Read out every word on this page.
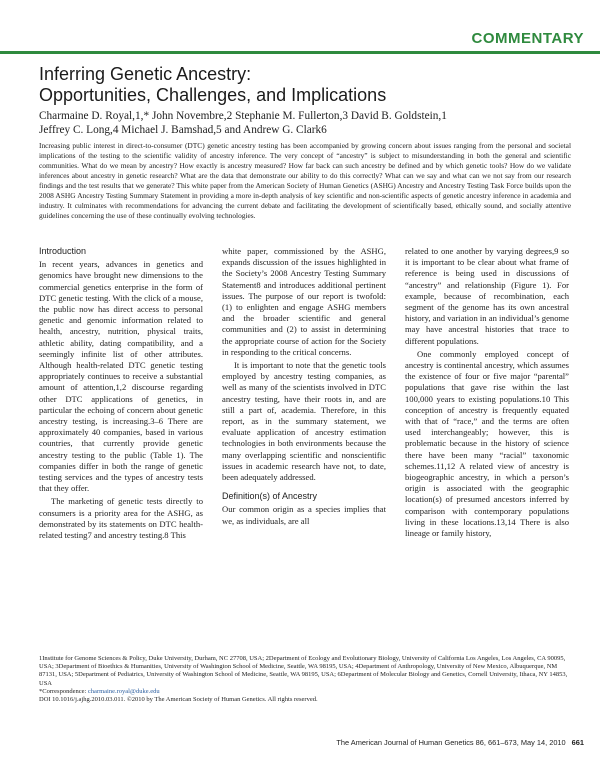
COMMENTARY
Inferring Genetic Ancestry:
Opportunities, Challenges, and Implications
Charmaine D. Royal,1,* John Novembre,2 Stephanie M. Fullerton,3 David B. Goldstein,1
Jeffrey C. Long,4 Michael J. Bamshad,5 and Andrew G. Clark6
Increasing public interest in direct-to-consumer (DTC) genetic ancestry testing has been accompanied by growing concern about issues ranging from the personal and societal implications of the testing to the scientific validity of ancestry inference. The very concept of “ancestry” is subject to misunderstanding in both the general and scientific communities. What do we mean by ancestry? How exactly is ancestry measured? How far back can such ancestry be defined and by which genetic tools? How do we validate inferences about ancestry in genetic research? What are the data that demonstrate our ability to do this correctly? What can we say and what can we not say from our research findings and the test results that we generate? This white paper from the American Society of Human Genetics (ASHG) Ancestry and Ancestry Testing Task Force builds upon the 2008 ASHG Ancestry Testing Summary Statement in providing a more in-depth analysis of key scientific and non-scientific aspects of genetic ancestry inference in academia and industry. It culminates with recommendations for advancing the current debate and facilitating the development of scientifically based, ethically sound, and socially attentive guidelines concerning the use of these continually evolving technologies.

Introduction

In recent years, advances in genetics and genomics have brought new dimensions to the commercial genetics enterprise in the form of DTC genetic testing. With the click of a mouse, the public now has direct access to personal genetic and genomic information related to health, ancestry, nutrition, physical traits, athletic ability, dating compatibility, and a seemingly infinite list of other attributes. Although health-related DTC genetic testing appropriately continues to receive a substantial amount of attention,1,2 discourse regarding other DTC applications of genetics, in particular the echoing of concern about genetic ancestry testing, is increasing.3–6 There are approximately 40 companies, based in various countries, that currently provide genetic ancestry testing to the public (Table 1). The companies differ in both the range of genetic testing services and the types of ancestry tests that they offer.

The marketing of genetic tests directly to consumers is a priority area for the ASHG, as demonstrated by its statements on DTC health-related testing7 and ancestry testing.8 This

white paper, commissioned by the ASHG, expands discussion of the issues highlighted in the Society’s 2008 Ancestry Testing Summary Statement8 and introduces additional pertinent issues. The purpose of our report is twofold: (1) to enlighten and engage ASHG members and the broader scientific and general communities and (2) to assist in determining the appropriate course of action for the Society in responding to the critical concerns.

It is important to note that the genetic tools employed by ancestry testing companies, as well as many of the scientists involved in DTC ancestry testing, have their roots in, and are still a part of, academia. Therefore, in this report, as in the summary statement, we evaluate application of ancestry estimation technologies in both environments because the many overlapping scientific and nonscientific issues in academic research have not, to date, been adequately addressed.

Definition(s) of Ancestry

Our common origin as a species implies that we, as individuals, are all

related to one another by varying degrees,9 so it is important to be clear about what frame of reference is being used in discussions of “ancestry” and relationship (Figure 1). For example, because of recombination, each segment of the genome has its own ancestral history, and variation in an individual’s genome may have ancestral histories that trace to different populations.

One commonly employed concept of ancestry is continental ancestry, which assumes the existence of four or five major “parental” populations that gave rise within the last 100,000 years to existing populations.10 This conception of ancestry is frequently equated with that of “race,” and the terms are often used interchangeably; however, this is problematic because in the history of science there have been many “racial” taxonomic schemes.11,12 A related view of ancestry is biogeographic ancestry, in which a person’s origin is associated with the geographic location(s) of presumed ancestors inferred by comparison with contemporary populations living in these locations.13,14 There is also lineage or family history,

1Institute for Genome Sciences & Policy, Duke University, Durham, NC 27708, USA; 2Department of Ecology and Evolutionary Biology, University of California Los Angeles, Los Angeles, CA 90095, USA; 3Department of Bioethics & Humanities, University of Washington School of Medicine, Seattle, WA 98195, USA; 4Department of Anthropology, University of New Mexico, Albuquerque, NM 87131, USA; 5Department of Pediatrics, University of Washington School of Medicine, Seattle, WA 98195, USA; 6Department of Molecular Biology and Genetics, Cornell University, Ithaca, NY 14853, USA

*Correspondence: charmaine.royal@duke.edu

DOI 10.1016/j.ajhg.2010.03.011. ©2010 by The American Society of Human Genetics. All rights reserved.

The American Journal of Human Genetics 86, 661–673, May 14, 2010 661
